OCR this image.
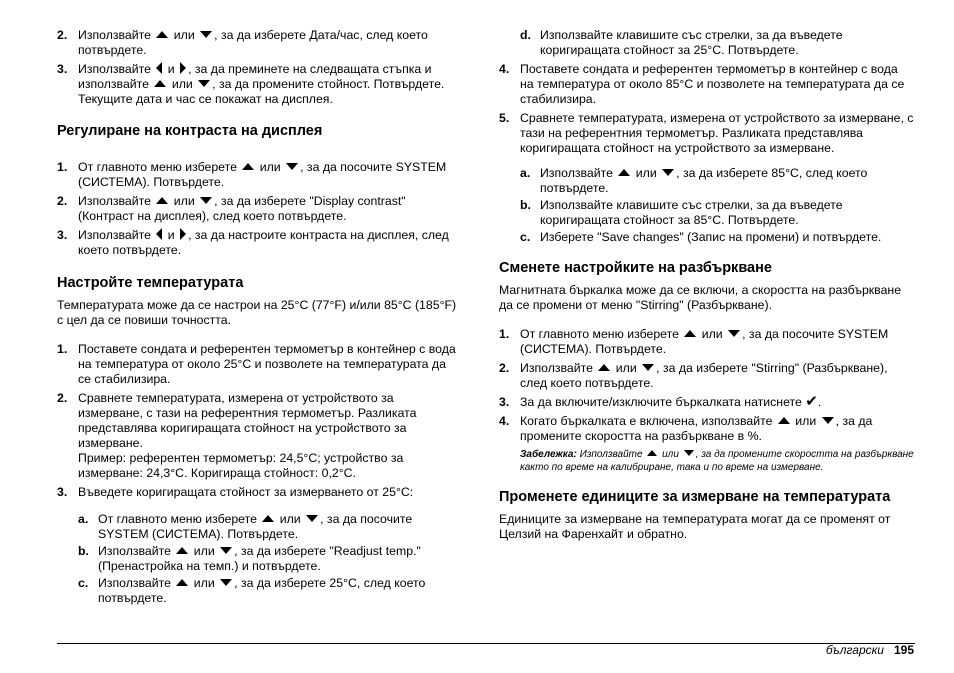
2. Използвайте  или , за да изберете Дата/час, след което потвърдете.
3. Използвайте  и , за да преминете на следващата стъпка и използвайте  или , за да промените стойност. Потвърдете. Текущите дата и час се покажат на дисплея.
Регулиране на контраста на дисплея
1. От главното меню изберете  или , за да посочите SYSTEM (СИСТЕМА). Потвърдете.
2. Използвайте  или , за да изберете "Display contrast" (Контраст на дисплея), след което потвърдете.
3. Използвайте  и , за да настроите контраста на дисплея, след което потвърдете.
Настройте температурата

Температурата може да се настрои на 25°C (77°F) и/или 85°C (185°F) с цел да се повиши точността.

1. Поставете сондата и референтен термометър в контейнер с вода на температура от около 25°C и позволете на температурата да се стабилизира.
2. Сравнете температурата, измерена от устройството за измерване, с тази на референтния термометър. Разликата представлява коригиращата стойност на устройството за измерване.
Пример: референтен термометър: 24,5°C; устройство за измерване: 24,3°C. Коригираща стойност: 0,2°C.
3. Въведете коригиращата стойност за измерването от 25°C:
a. От главното меню изберете  или , за да посочите SYSTEM (СИСТЕМА). Потвърдете.
b. Използвайте  или , за да изберете "Readjust temp." (Пренастройка на темп.) и потвърдете.
c. Използвайте  или , за да изберете 25°C, след което потвърдете.
d. Използвайте клавишите със стрелки, за да въведете коригиращата стойност за 25°C. Потвърдете.
4. Поставете сондата и референтен термометър в контейнер с вода на температура от около 85°C и позволете на температурата да се стабилизира.
5. Сравнете температурата, измерена от устройството за измерване, с тази на референтния термометър. Разликата представлява коригиращата стойност на устройството за измерване.
a. Използвайте  или , за да изберете 85°C, след което потвърдете.
b. Използвайте клавишите със стрелки, за да въведете коригиращата стойност за 85°C. Потвърдете.
c. Изберете "Save changes" (Запис на промени) и потвърдете.
Сменете настройките на разбъркване

Магнитната бъркалка може да се включи, а скоростта на разбъркване да се промени от меню "Stirring" (Разбъркване).

1. От главното меню изберете  или , за да посочите SYSTEM (СИСТЕМА). Потвърдете.
2. Използвайте  или , за да изберете "Stirring" (Разбъркване), след което потвърдете.
3. За да включите/изключите бъркалката натиснете ✔.
4. Когато бъркалката е включена, използвайте  или , за да промените скоростта на разбъркване в %.
Забележка: Използвайте  или , за да промените скоростта на разбъркване както по време на калибриране, така и по време на измерване.
Променете единиците за измерване на температурата

Единиците за измерване на температурата могат да се променят от Целзий на Фаренхайт и обратно.

български 195
